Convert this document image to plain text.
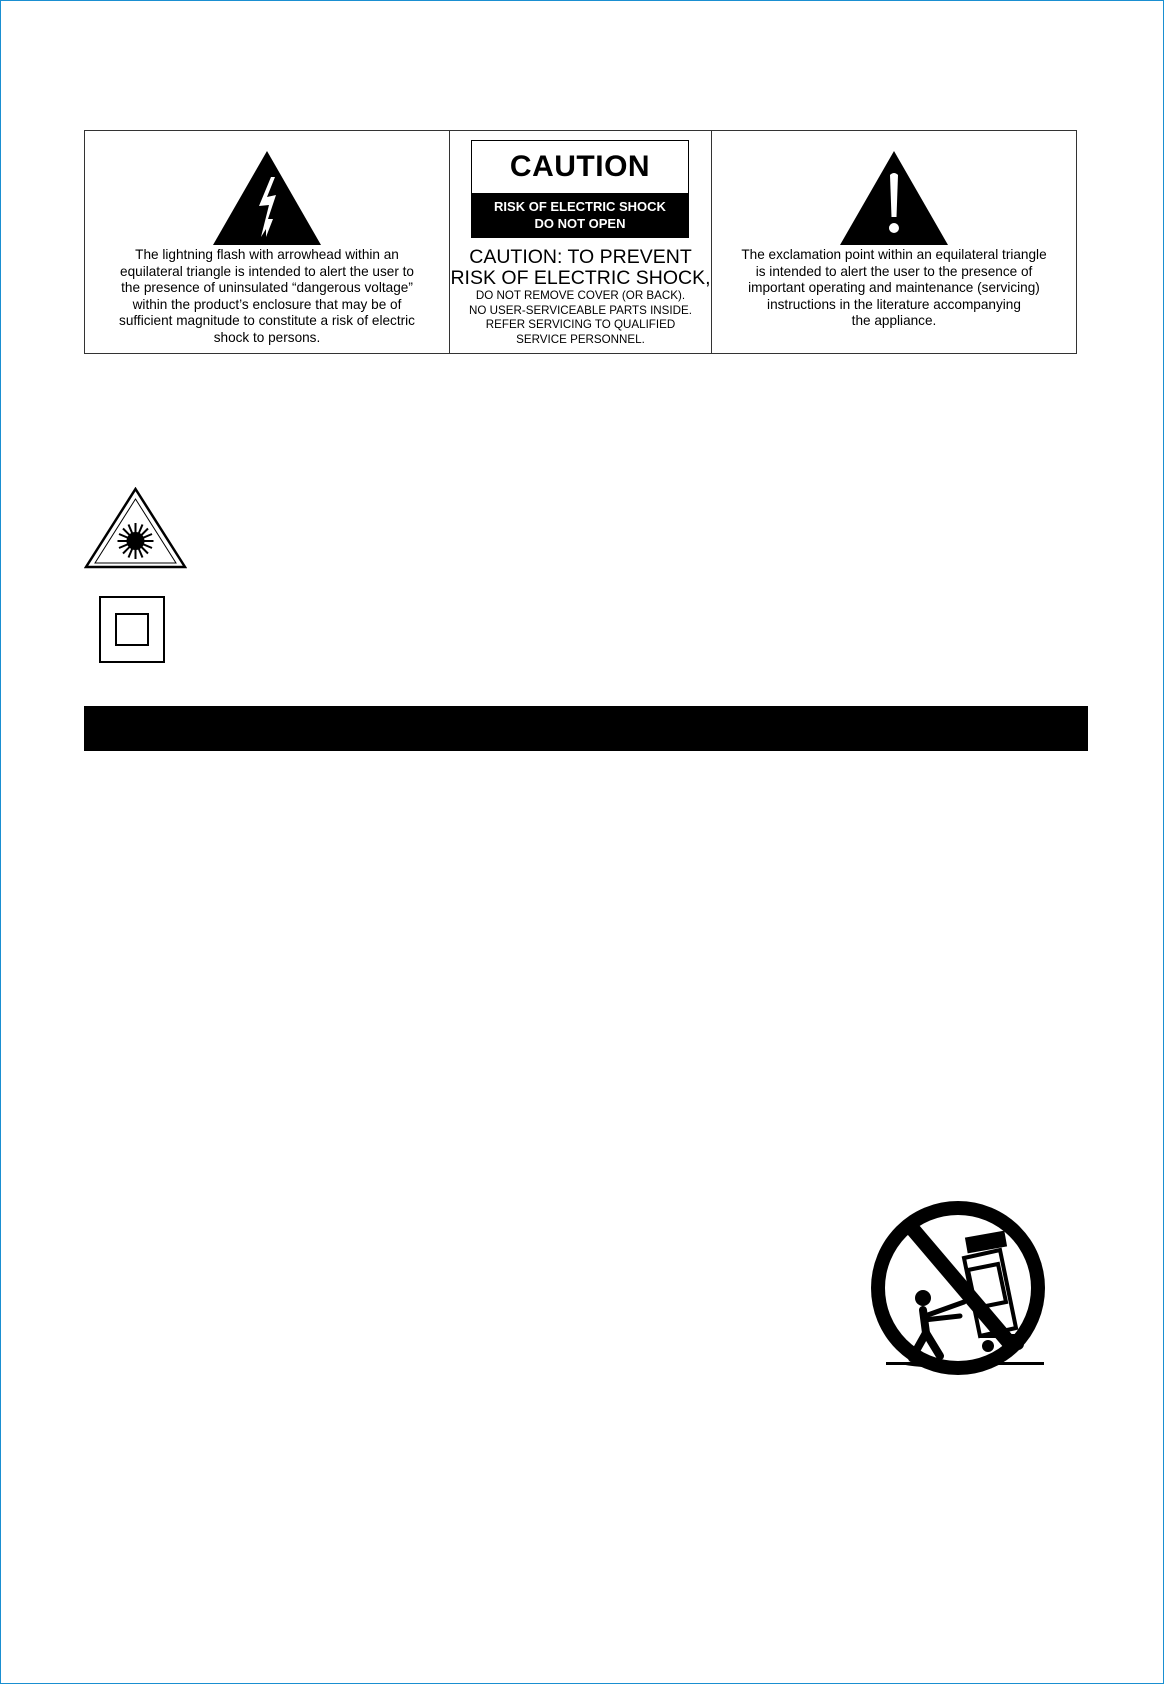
The lightning flash with arrowhead within an
equilateral triangle is intended to alert the user to
the presence of uninsulated “dangerous voltage”
within the product’s enclosure that may be of
sufficient magnitude to constitute a risk of electric
shock to persons.
CAUTION
RISK OF ELECTRIC SHOCK
DO NOT OPEN
CAUTION: TO PREVENT
RISK OF ELECTRIC SHOCK,
DO NOT REMOVE COVER (OR BACK).
NO USER-SERVICEABLE PARTS INSIDE.
REFER SERVICING TO QUALIFIED
SERVICE PERSONNEL.
The exclamation point within an equilateral triangle
is intended to alert the user to the presence of
important operating and maintenance (servicing)
instructions in the literature accompanying
the appliance.
